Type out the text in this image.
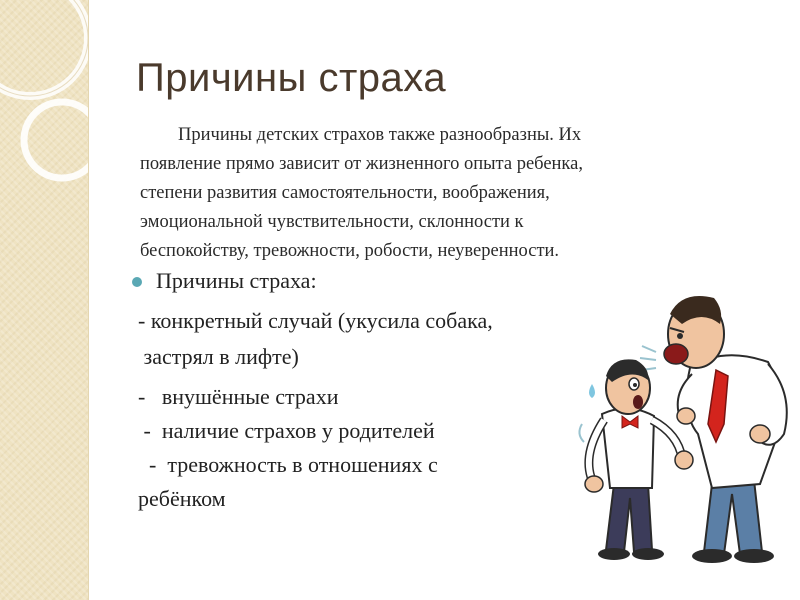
Причины страха

Причины детских страхов также разнообразны. Их
появление прямо зависит от жизненного опыта ребенка,
степени развития самостоятельности, воображения,
эмоциональной чувствительности, склонности к
беспокойству, тревожности, робости, неуверенности.

Причины страха:
- конкретный случай (укусила собака,
застрял в лифте)
-   внушённые страхи
-  наличие страхов у родителей
-  тревожность в отношениях с
ребёнком
